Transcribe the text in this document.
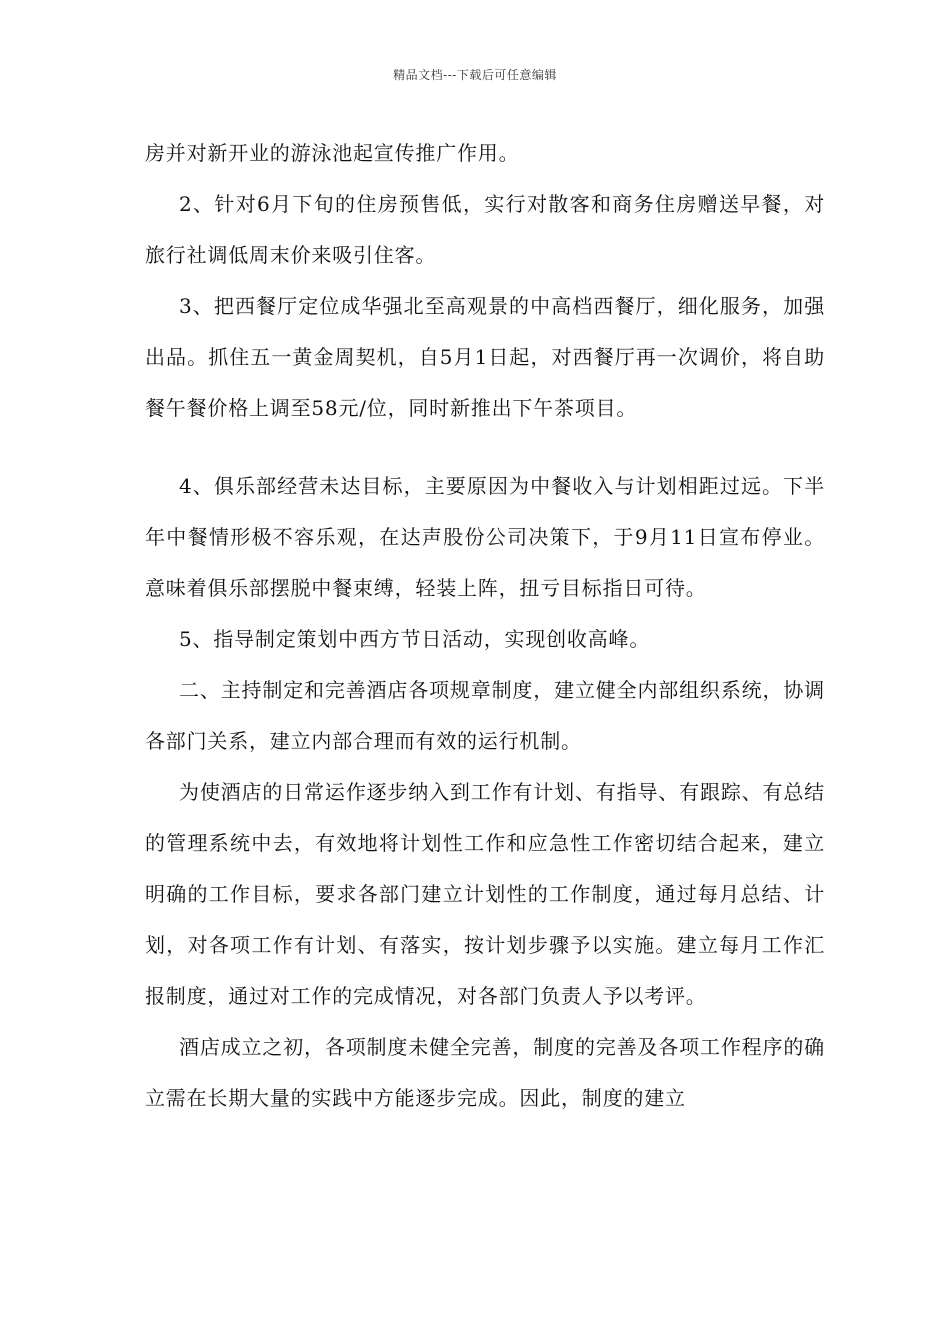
精品文档---下载后可任意编辑

房并对新开业的游泳池起宣传推广作用。

2、针对6月下旬的住房预售低，实行对散客和商务住房赠送早餐，对旅行社调低周末价来吸引住客。

3、把西餐厅定位成华强北至高观景的中高档西餐厅，细化服务，加强出品。抓住五一黄金周契机，自5月1日起，对西餐厅再一次调价，将自助餐午餐价格上调至58元/位，同时新推出下午茶项目。

4、俱乐部经营未达目标，主要原因为中餐收入与计划相距过远。下半年中餐情形极不容乐观，在达声股份公司决策下，于9月11日宣布停业。意味着俱乐部摆脱中餐束缚，轻装上阵，扭亏目标指日可待。

5、指导制定策划中西方节日活动，实现创收高峰。

二、主持制定和完善酒店各项规章制度，建立健全内部组织系统，协调各部门关系，建立内部合理而有效的运行机制。

为使酒店的日常运作逐步纳入到工作有计划、有指导、有跟踪、有总结的管理系统中去，有效地将计划性工作和应急性工作密切结合起来，建立明确的工作目标，要求各部门建立计划性的工作制度，通过每月总结、计划，对各项工作有计划、有落实，按计划步骤予以实施。建立每月工作汇报制度，通过对工作的完成情况，对各部门负责人予以考评。

酒店成立之初，各项制度未健全完善，制度的完善及各项工作程序的确立需在长期大量的实践中方能逐步完成。因此，制度的建立
